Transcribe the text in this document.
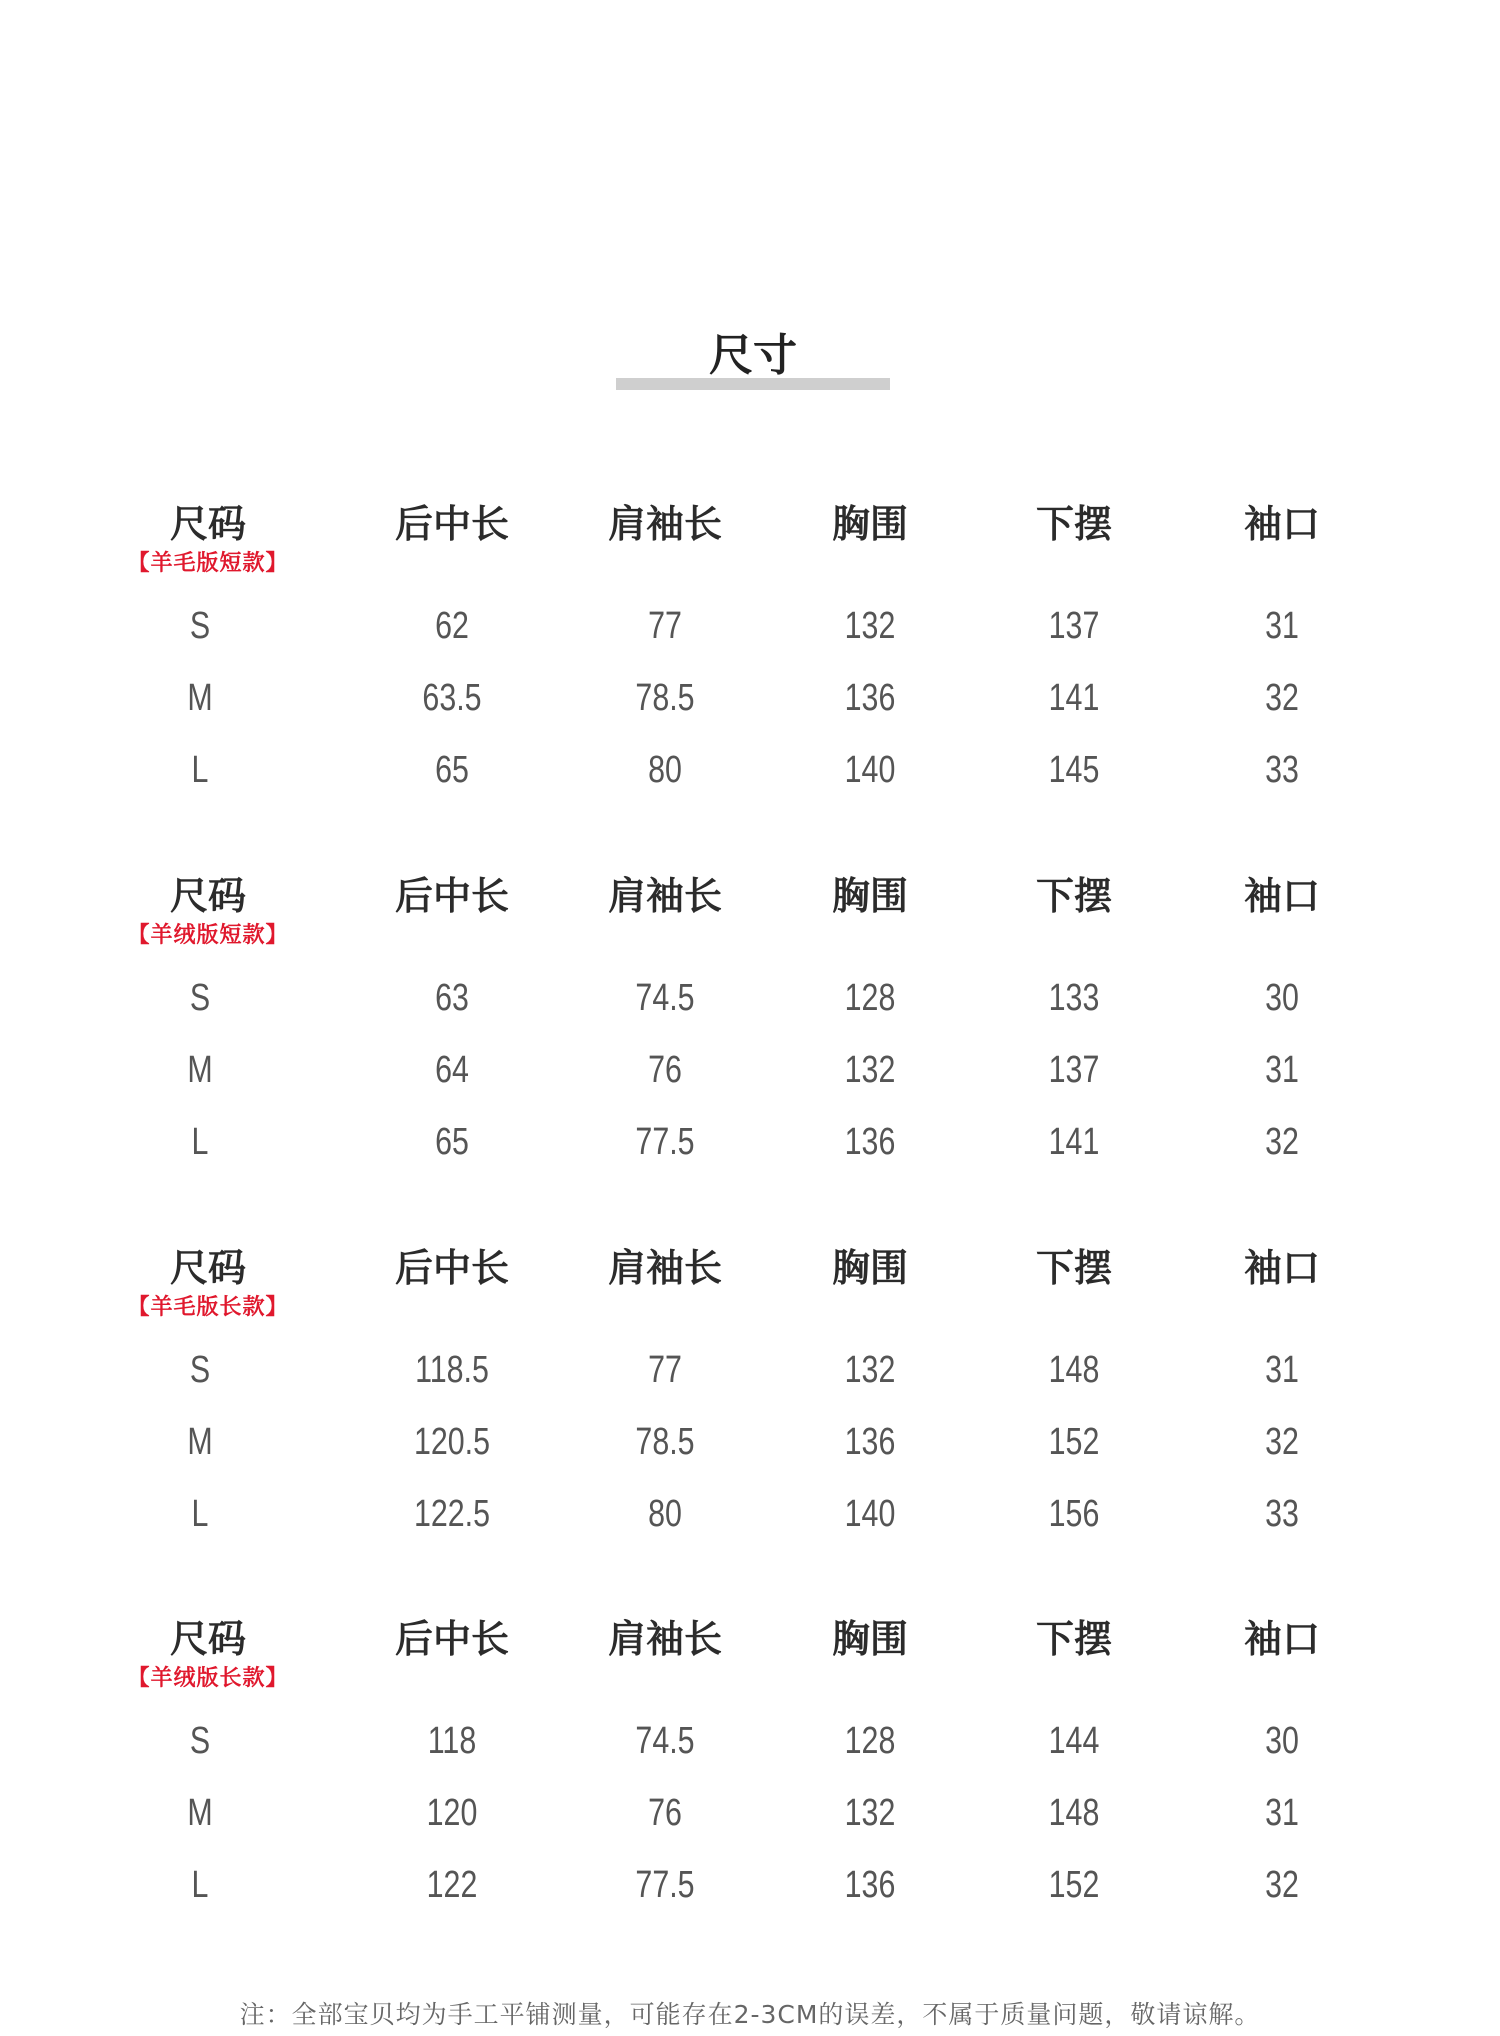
尺寸
尺码	后中长	肩袖长	胸围	下摆	袖口
【羊毛版短款】
S	62	77	132	137	31
M	63.5	78.5	136	141	32
L	65	80	140	145	33
尺码	后中长	肩袖长	胸围	下摆	袖口
【羊绒版短款】
S	63	74.5	128	133	30
M	64	76	132	137	31
L	65	77.5	136	141	32
尺码	后中长	肩袖长	胸围	下摆	袖口
【羊毛版长款】
S	118.5	77	132	148	31
M	120.5	78.5	136	152	32
L	122.5	80	140	156	33
尺码	后中长	肩袖长	胸围	下摆	袖口
【羊绒版长款】
S	118	74.5	128	144	30
M	120	76	132	148	31
L	122	77.5	136	152	32
注：全部宝贝均为手工平铺测量，可能存在2-3CM的误差，不属于质量问题，敬请谅解。
